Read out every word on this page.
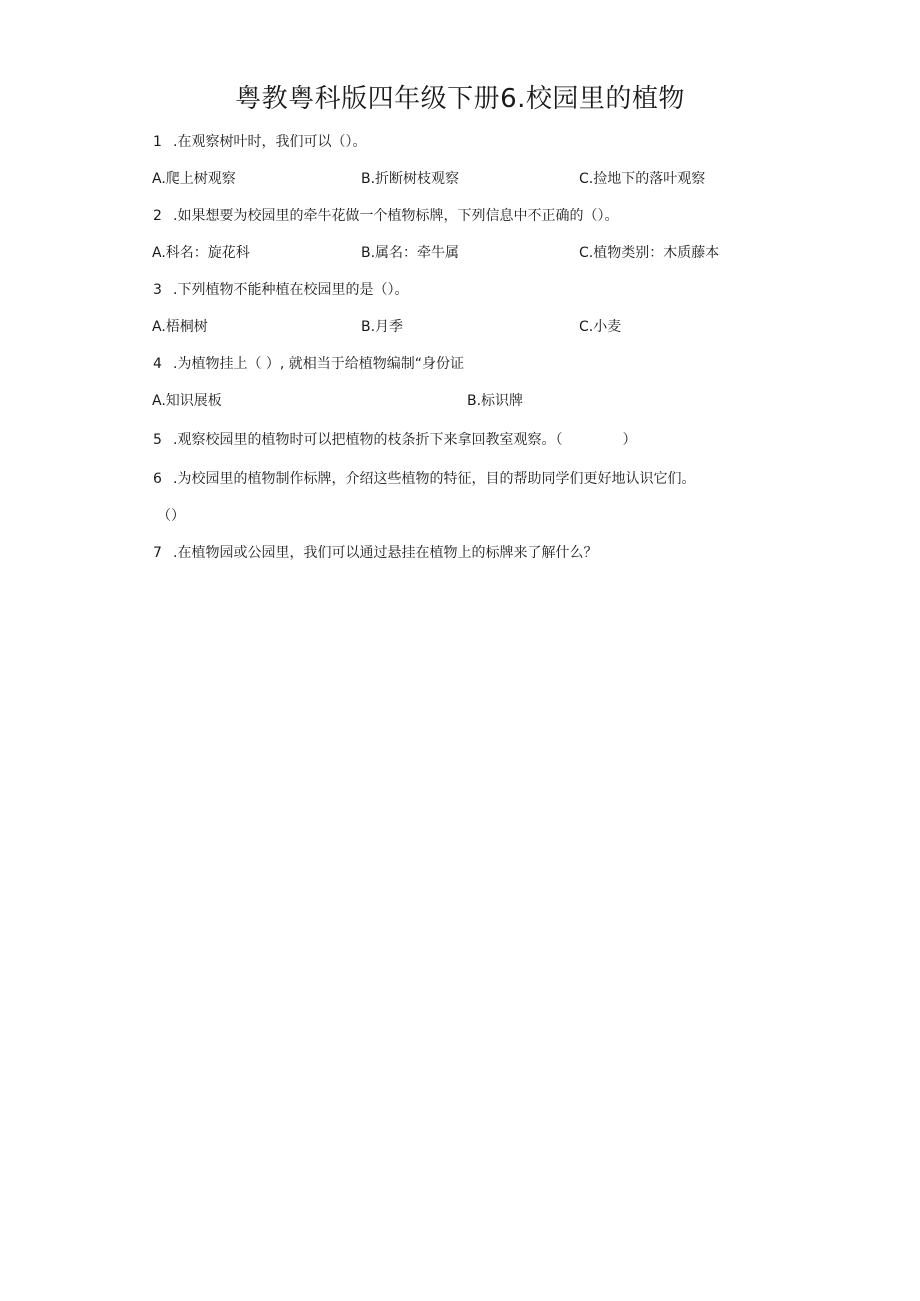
粤教粤科版四年级下册6.校园里的植物
1 .在观察树叶时，我们可以（）。
A.爬上树观察	B.折断树枝观察	C.捡地下的落叶观察
2 .如果想要为校园里的牵牛花做一个植物标牌，下列信息中不正确的（）。
A.科名：旋花科	B.属名：牵牛属	C.植物类别：木质藤本
3 .下列植物不能种植在校园里的是（）。
A.梧桐树	B.月季	C.小麦
4 .为植物挂上（ ）, 就相当于给植物编制“身份证
A.知识展板	B.标识牌
5 .观察校园里的植物时可以把植物的枝条折下来拿回教室观察。（	）
6 .为校园里的植物制作标牌，介绍这些植物的特征，目的帮助同学们更好地认识它们。
（）
7 .在植物园或公园里，我们可以通过悬挂在植物上的标牌来了解什么？
